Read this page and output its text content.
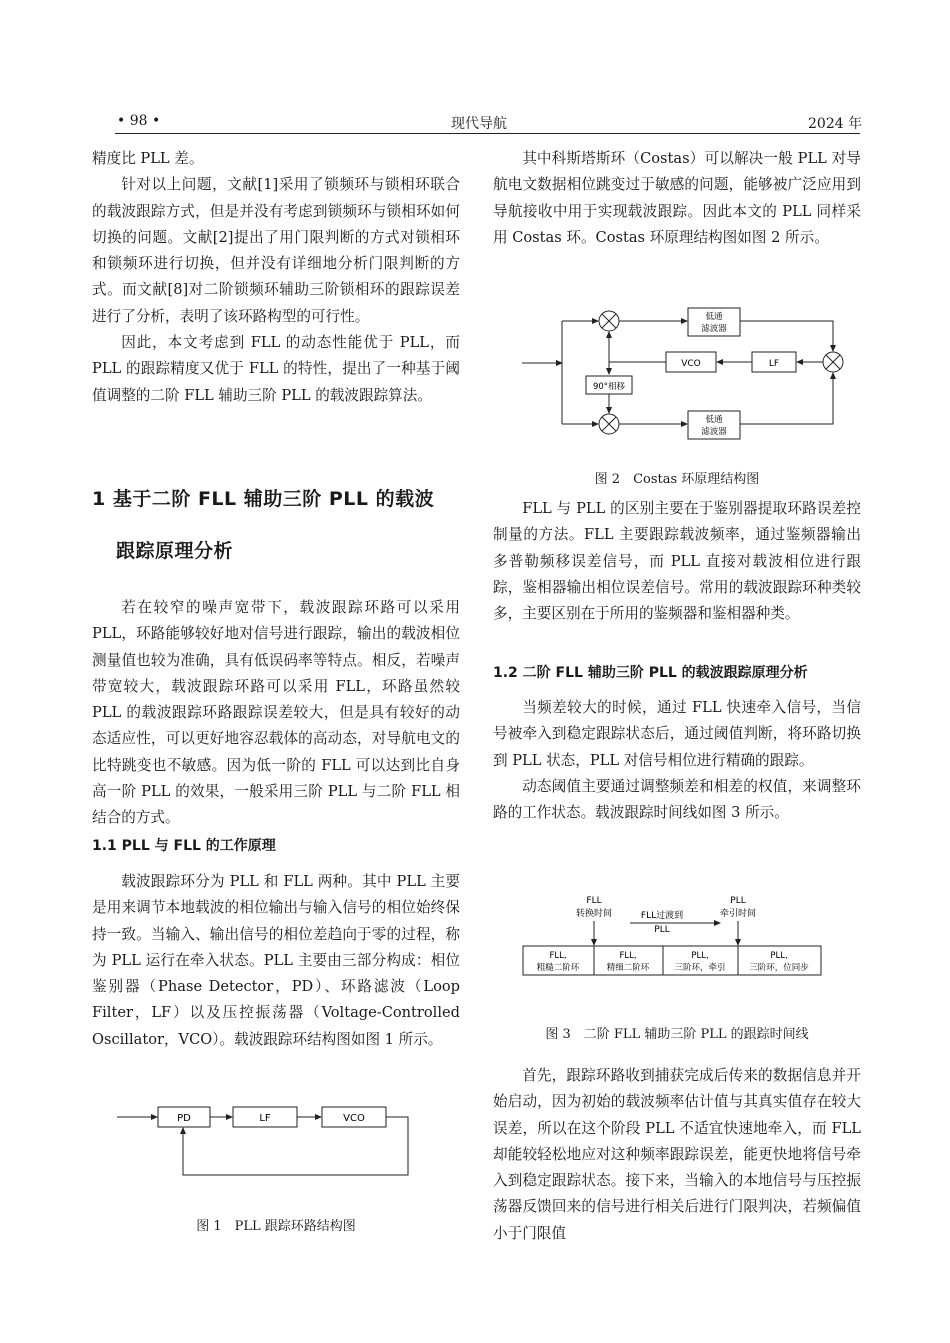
• 98 •	现代导航	2024 年

精度比 PLL 差。

针对以上问题，文献[1]采用了锁频环与锁相环联合的载波跟踪方式，但是并没有考虑到锁频环与锁相环如何切换的问题。文献[2]提出了用门限判断的方式对锁相环和锁频环进行切换，但并没有详细地分析门限判断的方式。而文献[8]对二阶锁频环辅助三阶锁相环的跟踪误差进行了分析，表明了该环路构型的可行性。

因此，本文考虑到 FLL 的动态性能优于 PLL，而 PLL 的跟踪精度又优于 FLL 的特性，提出了一种基于阈值调整的二阶 FLL 辅助三阶 PLL 的载波跟踪算法。

1 基于二阶 FLL 辅助三阶 PLL 的载波
跟踪原理分析

若在较窄的噪声宽带下，载波跟踪环路可以采用 PLL，环路能够较好地对信号进行跟踪，输出的载波相位测量值也较为准确，具有低误码率等特点。相反，若噪声带宽较大，载波跟踪环路可以采用 FLL，环路虽然较 PLL 的载波跟踪环路跟踪误差较大，但是具有较好的动态适应性，可以更好地容忍载体的高动态，对导航电文的比特跳变也不敏感。因为低一阶的 FLL 可以达到比自身高一阶 PLL 的效果，一般采用三阶 PLL 与二阶 FLL 相结合的方式。

1.1 PLL 与 FLL 的工作原理

载波跟踪环分为 PLL 和 FLL 两种。其中 PLL 主要是用来调节本地载波的相位输出与输入信号的相位始终保持一致。当输入、输出信号的相位差趋向于零的过程，称为 PLL 运行在牵入状态。PLL 主要由三部分构成：相位鉴别器（Phase Detector，PD）、环路滤波（Loop Filter，LF）以及压控振荡器（Voltage-Controlled Oscillator，VCO）。载波跟踪环结构图如图 1 所示。

PD	LF	VCO
图 1　PLL 跟踪环路结构图

其中科斯塔斯环（Costas）可以解决一般 PLL 对导航电文数据相位跳变过于敏感的问题，能够被广泛应用到导航接收中用于实现载波跟踪。因此本文的 PLL 同样采用 Costas 环。Costas 环原理结构图如图 2 所示。

低通
滤波器
LF
VCO
90°相移
低通
滤波器
图 2　Costas 环原理结构图

FLL 与 PLL 的区别主要在于鉴别器提取环路误差控制量的方法。FLL 主要跟踪载波频率，通过鉴频器输出多普勒频移误差信号，而 PLL 直接对载波相位进行跟踪，鉴相器输出相位误差信号。常用的载波跟踪环种类较多，主要区别在于所用的鉴频器和鉴相器种类。

1.2 二阶 FLL 辅助三阶 PLL 的载波跟踪原理分析

当频差较大的时候，通过 FLL 快速牵入信号，当信号被牵入到稳定跟踪状态后，通过阈值判断，将环路切换到 PLL 状态，PLL 对信号相位进行精确的跟踪。

动态阈值主要通过调整频差和相差的权值，来调整环路的工作状态。载波跟踪时间线如图 3 所示。

FLL
转换时间	FLL过渡到
PLL
PLL
牵引时间
FLL,
粗糙二阶环
FLL,
精细二阶环
PLL,
三阶环，牵引
PLL,
三阶环，位同步
图 3　二阶 FLL 辅助三阶 PLL 的跟踪时间线

首先，跟踪环路收到捕获完成后传来的数据信息并开始启动，因为初始的载波频率估计值与其真实值存在较大误差，所以在这个阶段 PLL 不适宜快速地牵入，而 FLL 却能较轻松地应对这种频率跟踪误差，能更快地将信号牵入到稳定跟踪状态。接下来，当输入的本地信号与压控振荡器反馈回来的信号进行相关后进行门限判决，若频偏值小于门限值
